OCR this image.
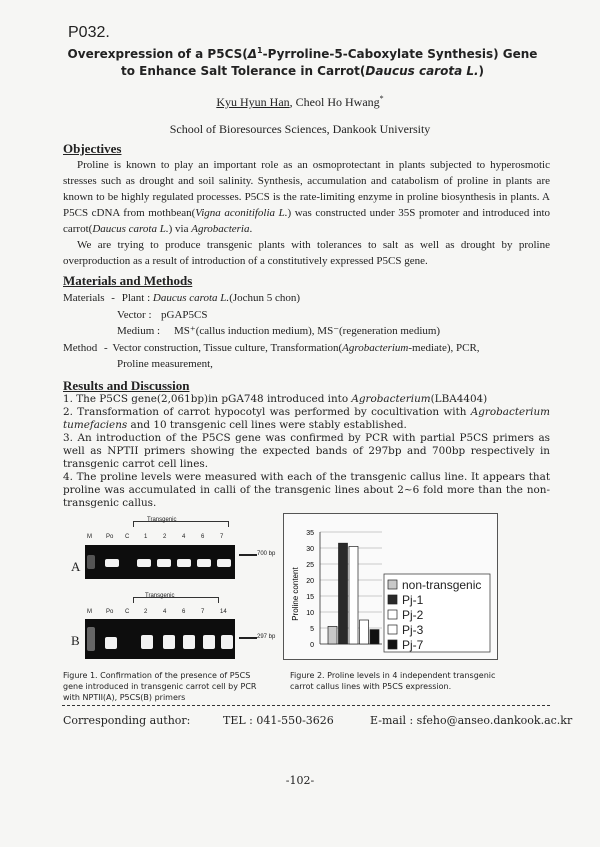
P032.
Overexpression of a $P5CS(\Delta^1-Pyrroline-5$-Caboxylate Synthesis) Gene
to Enhance Salt Tolerance in Carrot(Daucus carota L.)
Kyu Hyun Han, Cheol Ho Hwang*
School of Bioresources Sciences, Dankook University
Objectives

Proline is known to play an important role as an osmoprotectant in plants subjected to hyperosmotic stresses such as drought and soil salinity. Synthesis, accumulation and catabolism of proline in plants are known to be highly regulated processes. P5CS is the rate-limiting enzyme in proline biosynthesis in plants. A P5CS cDNA from mothbean(Vigna aconitifolia L.) was constructed under 35S promoter and introduced into carrot(Daucus carota L.) via Agrobacteria.

We are trying to produce transgenic plants with tolerances to salt as well as drought by proline overproduction as a result of introduction of a constitutively expressed P5CS gene.

Materials and Methods
Materials - Plant : Daucus carota L.(Jochun 5 chon)
Vector : pGAP5CS
Medium : MS⁺(callus induction medium), MS⁻(regeneration medium)
Method - Vector construction, Tissue culture, Transformation(Agrobacterium-mediate), PCR,
Proline measurement,
Results and Discussion

1. The P5CS gene(2,061bp)in pGA748 introduced into Agrobacterium(LBA4404)

2. Transformation of carrot hypocotyl was performed by cocultivation with Agrobacterium tumefaciens and 10 transgenic cell lines were stably established.

3. An introduction of the P5CS gene was confirmed by PCR with partial P5CS primers as well as NPTII primers showing the expected bands of 297bp and 700bp respectively in transgenic carrot cell lines.

4. The proline levels were measured with each of the transgenic callus line. It appears that proline was accumulated in calli of the transgenic lines about 2~6 fold more than the non-transgenic callus.

Transgenic
M Po C 1	2	4	6	7
A
700 bp
Transgenic
M Po C 2	4	6	7	14
B	297 bp
Figure 1. Confirmation of the presence of P5CS gene introduced in transgenic carrot cell by PCR with NPTII(A), P5CS(B) primers
0
5
10
15
20
25
30
35
Proline content	non-transgenic
Pj-1
Pj-2
Pj-3
Pj-7
Figure 2. Proline levels in 4 independent transgenic carrot callus lines with P5CS expression.
Corresponding author:	TEL : 041-550-3626	E-mail : sfeho@anseo.dankook.ac.kr
-102-
